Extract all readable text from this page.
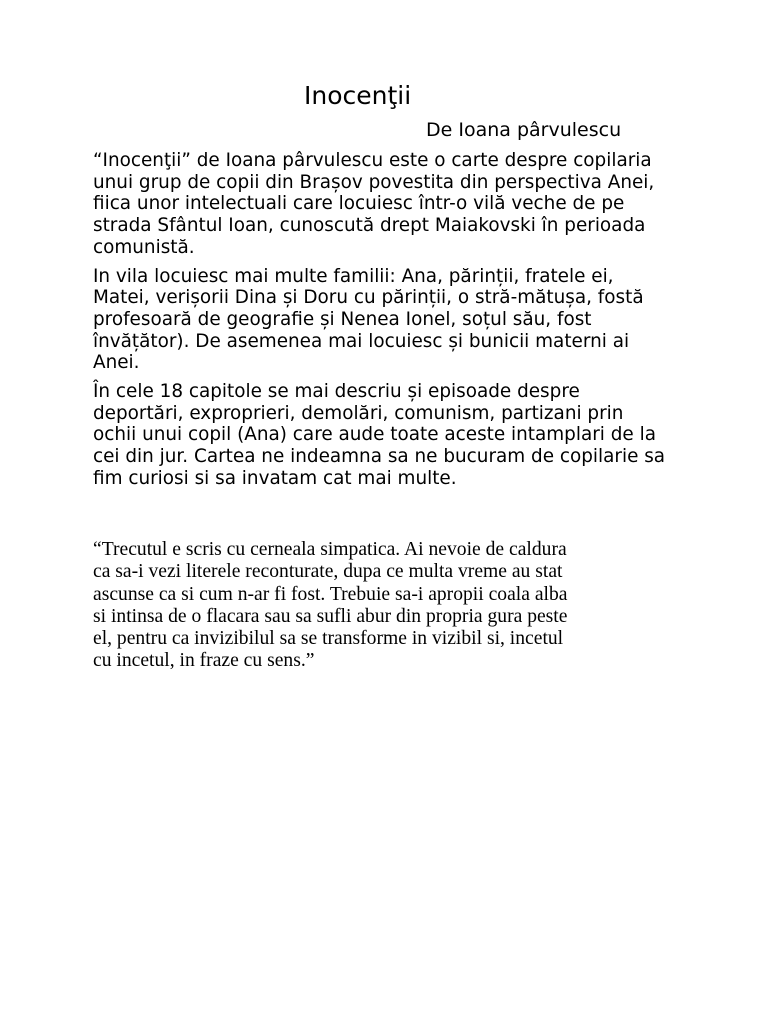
Inocenţii
De Ioana pârvulescu

“Inocenţii” de Ioana pârvulescu este o carte despre copilaria
unui grup de copii din Brașov povestita din perspectiva Anei,
fiica unor intelectuali care locuiesc într-o vilă veche de pe
strada Sfântul Ioan, cunoscută drept Maiakovski în perioada
comunistă.

In vila locuiesc mai multe familii: Ana, părinții, fratele ei,
Matei, verișorii Dina și Doru cu părinții, o stră-mătușa, fostă
profesoară de geografie și Nenea Ionel, soțul său, fost
învățător). De asemenea mai locuiesc și bunicii materni ai
Anei.

În cele 18 capitole se mai descriu și episoade despre
deportări, exproprieri, demolări, comunism, partizani prin
ochii unui copil (Ana) care aude toate aceste intamplari de la
cei din jur. Cartea ne indeamna sa ne bucuram de copilarie sa
fim curiosi si sa invatam cat mai multe.

“Trecutul e scris cu cerneala simpatica. Ai nevoie de caldura
ca sa-i vezi literele reconturate, dupa ce multa vreme au stat
ascunse ca si cum n-ar fi fost. Trebuie sa-i apropii coala alba
si intinsa de o flacara sau sa sufli abur din propria gura peste
el, pentru ca invizibilul sa se transforme in vizibil si, incetul
cu incetul, in fraze cu sens.”
